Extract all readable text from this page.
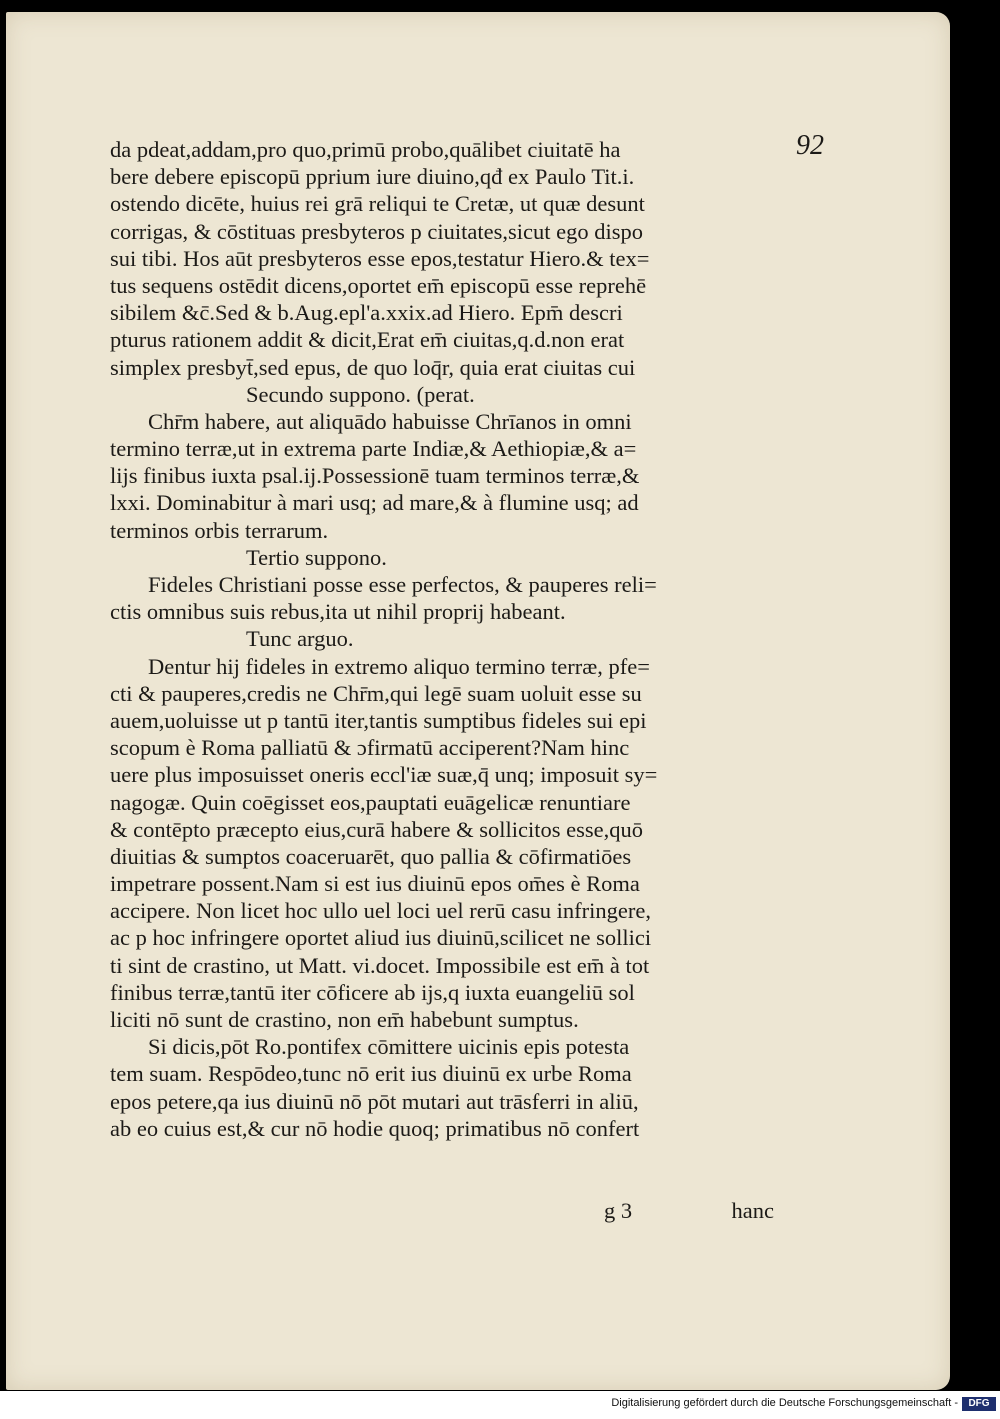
92
da pdeat,addam,pro quo,primū probo,quālibet ciuitatē ha
bere debere episcopū pprium iure diuino,qđ ex Paulo Tit.i.
ostendo dicēte, huius rei grā reliqui te Cretæ, ut quæ desunt
corrigas, & cōstituas presbyteros p ciuitates,sicut ego dispo
sui tibi. Hos aūt presbyteros esse epos,testatur Hiero.& tex=
tus sequens ostēdit dicens,oportet em̄ episcopū esse reprehē
sibilem &c̄.Sed & b.Aug.epl'a.xxix.ad Hiero. Epm̄ descri
pturus rationem addit & dicit,Erat em̄ ciuitas,q.d.non erat
simplex presbyt̄,sed epus, de quo loq̄r, quia erat ciuitas cui
Secundo suppono. (perat.
Chr̄m habere, aut aliquādo habuisse Chrīanos in omni
termino terræ,ut in extrema parte Indiæ,& Aethiopiæ,& a=
lijs finibus iuxta psal.ij.Possessionē tuam terminos terræ,&
lxxi. Dominabitur à mari usq; ad mare,& à flumine usq; ad
terminos orbis terrarum.
Tertio suppono.
Fideles Christiani posse esse perfectos, & pauperes reli=
ctis omnibus suis rebus,ita ut nihil proprij habeant.
Tunc arguo.
Dentur hij fideles in extremo aliquo termino terræ, pfe=
cti & pauperes,credis ne Chr̄m,qui legē suam uoluit esse su
auem,uoluisse ut p tantū iter,tantis sumptibus fideles sui epi
scopum è Roma palliatū & ɔfirmatū acciperent?Nam hinc
uere plus imposuisset oneris eccl'iæ suæ,q̄ unq; imposuit sy=
nagogæ. Quin coēgisset eos,pauptati euāgelicæ renuntiare
& contēpto præcepto eius,curā habere & sollicitos esse,quō
diuitias & sumptos coaceruarēt, quo pallia & cōfirmatiōes
impetrare possent.Nam si est ius diuinū epos om̄es è Roma
accipere. Non licet hoc ullo uel loci uel rerū casu infringere,
ac p hoc infringere oportet aliud ius diuinū,scilicet ne sollici
ti sint de crastino, ut Matt. vi.docet. Impossibile est em̄ à tot
finibus terræ,tantū iter cōficere ab ijs,q iuxta euangeliū sol
liciti nō sunt de crastino, non em̄ habebunt sumptus.
Si dicis,pōt Ro.pontifex cōmittere uicinis epis potesta
tem suam. Respōdeo,tunc nō erit ius diuinū ex urbe Roma
epos petere,qa ius diuinū nō pōt mutari aut trāsferri in aliū,
ab eo cuius est,& cur nō hodie quoq; primatibus nō confert
g 3	hanc
Digitalisierung gefördert durch die Deutsche Forschungsgemeinschaft -	DFG
